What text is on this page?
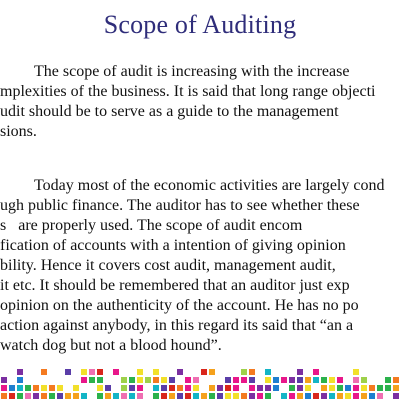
Scope of Auditing
The scope of audit is increasing with the increase
mplexities of the business. It is said that long range objecti
udit should be to serve as a guide to the management
sions.
Today most of the economic activities are largely cond
ugh public finance. The auditor has to see whether these
s   are properly used. The scope of audit encom
fication of accounts with a intention of giving opinion
bility. Hence it covers cost audit, management audit,
it etc. It should be remembered that an auditor just exp
opinion on the authenticity of the account. He has no po
action against anybody, in this regard its said that “an a
watch dog but not a blood hound”.
